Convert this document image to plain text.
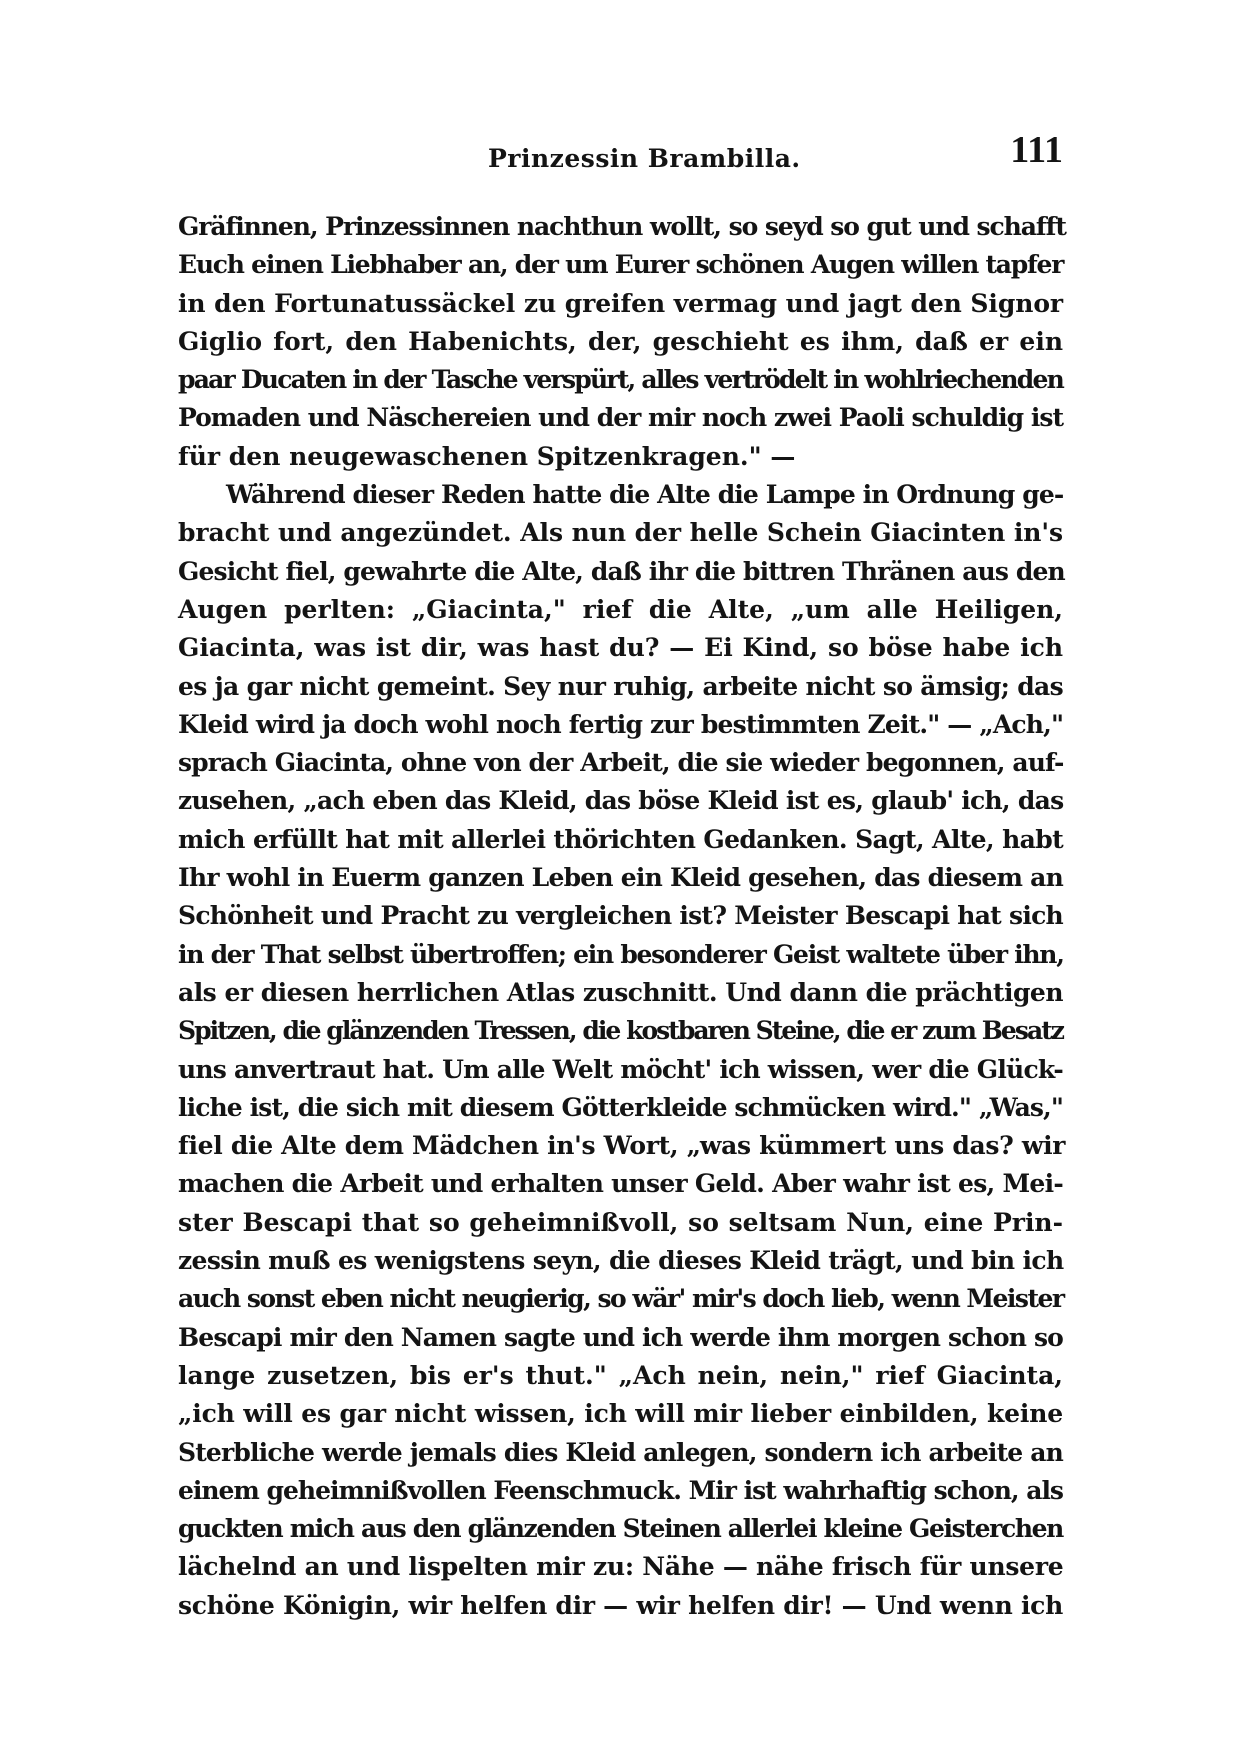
Prinzessin Brambilla.	111
Gräfinnen, Prinzessinnen nachthun wollt, so seyd so gut und schafft
Euch einen Liebhaber an, der um Eurer schönen Augen willen tapfer
in den Fortunatussäckel zu greifen vermag und jagt den Signor
Giglio fort, den Habenichts, der, geschieht es ihm, daß er ein
paar Ducaten in der Tasche verspürt, alles vertrödelt in wohlriechenden
Pomaden und Näschereien und der mir noch zwei Paoli schuldig ist
für den neugewaschenen Spitzenkragen." —
Während dieser Reden hatte die Alte die Lampe in Ordnung ge-
bracht und angezündet. Als nun der helle Schein Giacinten in's
Gesicht fiel, gewahrte die Alte, daß ihr die bittren Thränen aus den
Augen perlten: „Giacinta," rief die Alte, „um alle Heiligen,
Giacinta, was ist dir, was hast du? — Ei Kind, so böse habe ich
es ja gar nicht gemeint. Sey nur ruhig, arbeite nicht so ämsig; das
Kleid wird ja doch wohl noch fertig zur bestimmten Zeit." — „Ach,"
sprach Giacinta, ohne von der Arbeit, die sie wieder begonnen, auf-
zusehen, „ach eben das Kleid, das böse Kleid ist es, glaub' ich, das
mich erfüllt hat mit allerlei thörichten Gedanken. Sagt, Alte, habt
Ihr wohl in Euerm ganzen Leben ein Kleid gesehen, das diesem an
Schönheit und Pracht zu vergleichen ist? Meister Bescapi hat sich
in der That selbst übertroffen; ein besonderer Geist waltete über ihn,
als er diesen herrlichen Atlas zuschnitt. Und dann die prächtigen
Spitzen, die glänzenden Tressen, die kostbaren Steine, die er zum Besatz
uns anvertraut hat. Um alle Welt möcht' ich wissen, wer die Glück-
liche ist, die sich mit diesem Götterkleide schmücken wird." „Was,"
fiel die Alte dem Mädchen in's Wort, „was kümmert uns das? wir
machen die Arbeit und erhalten unser Geld. Aber wahr ist es, Mei-
ster Bescapi that so geheimnißvoll, so seltsam Nun, eine Prin-
zessin muß es wenigstens seyn, die dieses Kleid trägt, und bin ich
auch sonst eben nicht neugierig, so wär' mir's doch lieb, wenn Meister
Bescapi mir den Namen sagte und ich werde ihm morgen schon so
lange zusetzen, bis er's thut." „Ach nein, nein," rief Giacinta,
„ich will es gar nicht wissen, ich will mir lieber einbilden, keine
Sterbliche werde jemals dies Kleid anlegen, sondern ich arbeite an
einem geheimnißvollen Feenschmuck. Mir ist wahrhaftig schon, als
guckten mich aus den glänzenden Steinen allerlei kleine Geisterchen
lächelnd an und lispelten mir zu: Nähe — nähe frisch für unsere
schöne Königin, wir helfen dir — wir helfen dir! — Und wenn ich
